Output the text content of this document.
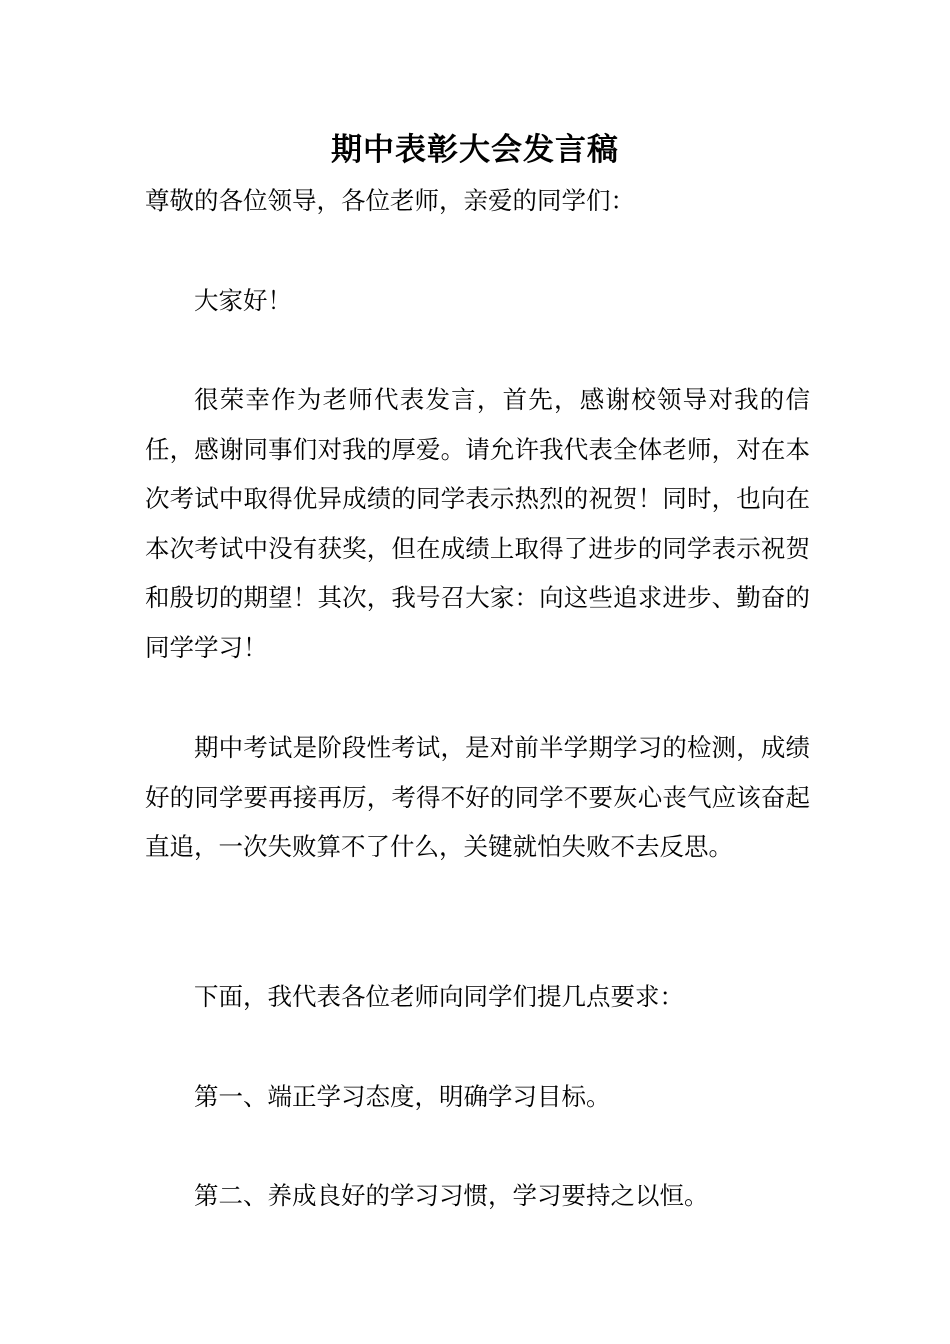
期中表彰大会发言稿

尊敬的各位领导，各位老师，亲爱的同学们：

大家好！

很荣幸作为老师代表发言，首先，感谢校领导对我的信任，感谢同事们对我的厚爱。请允许我代表全体老师，对在本次考试中取得优异成绩的同学表示热烈的祝贺！同时，也向在本次考试中没有获奖，但在成绩上取得了进步的同学表示祝贺和殷切的期望！其次，我号召大家：向这些追求进步、勤奋的同学学习！

期中考试是阶段性考试，是对前半学期学习的检测，成绩好的同学要再接再厉，考得不好的同学不要灰心丧气应该奋起直追，一次失败算不了什么，关键就怕失败不去反思。

下面，我代表各位老师向同学们提几点要求：

第一、端正学习态度，明确学习目标。

第二、养成良好的学习习惯，学习要持之以恒。
